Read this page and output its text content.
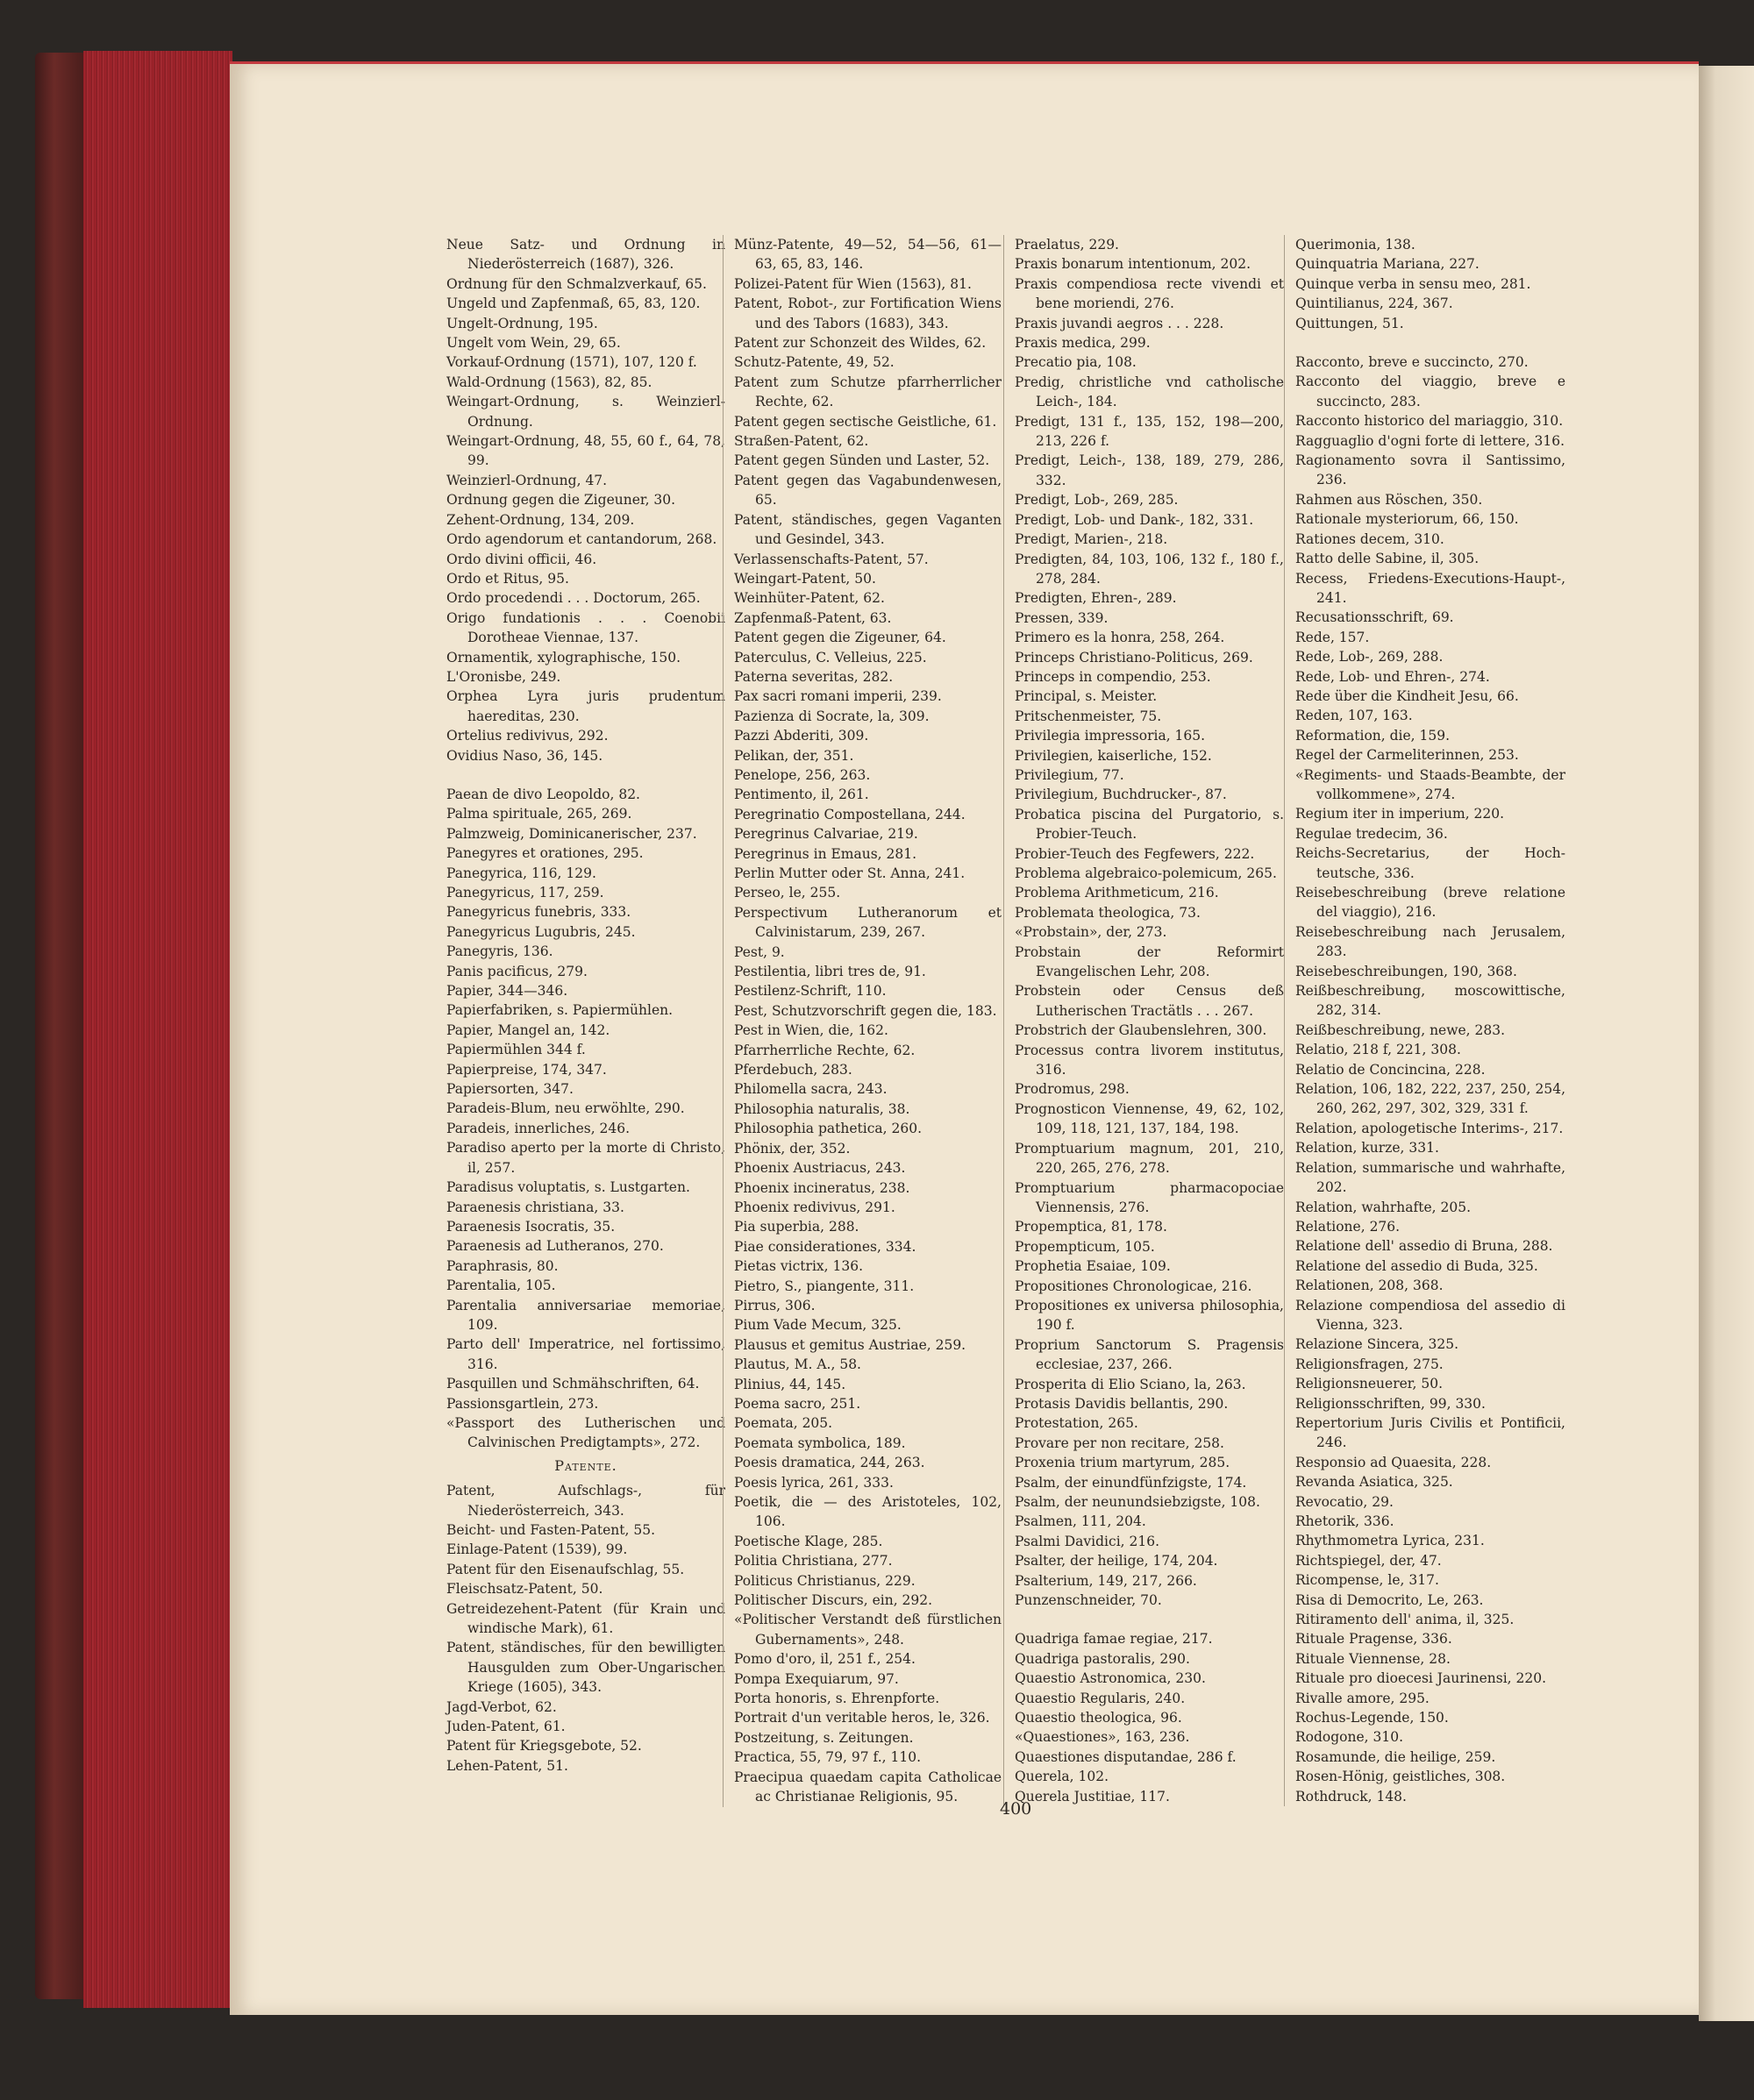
Neue Satz- und Ordnung in Niederösterreich (1687), 326.

Ordnung für den Schmalzverkauf, 65.

Ungeld und Zapfenmaß, 65, 83, 120.

Ungelt-Ordnung, 195.

Ungelt vom Wein, 29, 65.

Vorkauf-Ordnung (1571), 107, 120 f.

Wald-Ordnung (1563), 82, 85.

Weingart-Ordnung, s. Weinzierl-Ordnung.

Weingart-Ordnung, 48, 55, 60 f., 64, 78, 99.

Weinzierl-Ordnung, 47.

Ordnung gegen die Zigeuner, 30.

Zehent-Ordnung, 134, 209.

Ordo agendorum et cantandorum, 268.

Ordo divini officii, 46.

Ordo et Ritus, 95.

Ordo procedendi . . . Doctorum, 265.

Origo fundationis . . . Coenobii Dorotheae Viennae, 137.

Ornamentik, xylographische, 150.

L'Oronisbe, 249.

Orphea Lyra juris prudentum haereditas, 230.

Ortelius redivivus, 292.

Ovidius Naso, 36, 145.

Paean de divo Leopoldo, 82.

Palma spirituale, 265, 269.

Palmzweig, Dominicanerischer, 237.

Panegyres et orationes, 295.

Panegyrica, 116, 129.

Panegyricus, 117, 259.

Panegyricus funebris, 333.

Panegyricus Lugubris, 245.

Panegyris, 136.

Panis pacificus, 279.

Papier, 344—346.

Papierfabriken, s. Papiermühlen.

Papier, Mangel an, 142.

Papiermühlen 344 f.

Papierpreise, 174, 347.

Papiersorten, 347.

Paradeis-Blum, neu erwöhlte, 290.

Paradeis, innerliches, 246.

Paradiso aperto per la morte di Christo, il, 257.

Paradisus voluptatis, s. Lustgarten.

Paraenesis christiana, 33.

Paraenesis Isocratis, 35.

Paraenesis ad Lutheranos, 270.

Paraphrasis, 80.

Parentalia, 105.

Parentalia anniversariae memoriae, 109.

Parto dell' Imperatrice, nel fortissimo, 316.

Pasquillen und Schmähschriften, 64.

Passionsgartlein, 273.

«Passport des Lutherischen und Calvinischen Predigtampts», 272.

Patente.

Patent, Aufschlags-, für Niederösterreich, 343.

Beicht- und Fasten-Patent, 55.

Einlage-Patent (1539), 99.

Patent für den Eisenaufschlag, 55.

Fleischsatz-Patent, 50.

Getreidezehent-Patent (für Krain und windische Mark), 61.

Patent, ständisches, für den bewilligten Hausgulden zum Ober-Ungarischen Kriege (1605), 343.

Jagd-Verbot, 62.

Juden-Patent, 61.

Patent für Kriegsgebote, 52.

Lehen-Patent, 51.

Münz-Patente, 49—52, 54—56, 61—63, 65, 83, 146.

Polizei-Patent für Wien (1563), 81.

Patent, Robot-, zur Fortification Wiens und des Tabors (1683), 343.

Patent zur Schonzeit des Wildes, 62.

Schutz-Patente, 49, 52.

Patent zum Schutze pfarrherrlicher Rechte, 62.

Patent gegen sectische Geistliche, 61.

Straßen-Patent, 62.

Patent gegen Sünden und Laster, 52.

Patent gegen das Vagabundenwesen, 65.

Patent, ständisches, gegen Vaganten und Gesindel, 343.

Verlassenschafts-Patent, 57.

Weingart-Patent, 50.

Weinhüter-Patent, 62.

Zapfenmaß-Patent, 63.

Patent gegen die Zigeuner, 64.

Paterculus, C. Velleius, 225.

Paterna severitas, 282.

Pax sacri romani imperii, 239.

Pazienza di Socrate, la, 309.

Pazzi Abderiti, 309.

Pelikan, der, 351.

Penelope, 256, 263.

Pentimento, il, 261.

Peregrinatio Compostellana, 244.

Peregrinus Calvariae, 219.

Peregrinus in Emaus, 281.

Perlin Mutter oder St. Anna, 241.

Perseo, le, 255.

Perspectivum Lutheranorum et Calvinistarum, 239, 267.

Pest, 9.

Pestilentia, libri tres de, 91.

Pestilenz-Schrift, 110.

Pest, Schutzvorschrift gegen die, 183.

Pest in Wien, die, 162.

Pfarrherrliche Rechte, 62.

Pferdebuch, 283.

Philomella sacra, 243.

Philosophia naturalis, 38.

Philosophia pathetica, 260.

Phönix, der, 352.

Phoenix Austriacus, 243.

Phoenix incineratus, 238.

Phoenix redivivus, 291.

Pia superbia, 288.

Piae considerationes, 334.

Pietas victrix, 136.

Pietro, S., piangente, 311.

Pirrus, 306.

Pium Vade Mecum, 325.

Plausus et gemitus Austriae, 259.

Plautus, M. A., 58.

Plinius, 44, 145.

Poema sacro, 251.

Poemata, 205.

Poemata symbolica, 189.

Poesis dramatica, 244, 263.

Poesis lyrica, 261, 333.

Poetik, die — des Aristoteles, 102, 106.

Poetische Klage, 285.

Politia Christiana, 277.

Politicus Christianus, 229.

Politischer Discurs, ein, 292.

«Politischer Verstandt deß fürstlichen Gubernaments», 248.

Pomo d'oro, il, 251 f., 254.

Pompa Exequiarum, 97.

Porta honoris, s. Ehrenpforte.

Portrait d'un veritable heros, le, 326.

Postzeitung, s. Zeitungen.

Practica, 55, 79, 97 f., 110.

Praecipua quaedam capita Catholicae ac Christianae Religionis, 95.

Praelatus, 229.

Praxis bonarum intentionum, 202.

Praxis compendiosa recte vivendi et bene moriendi, 276.

Praxis juvandi aegros . . . 228.

Praxis medica, 299.

Precatio pia, 108.

Predig, christliche vnd catholische Leich-, 184.

Predigt, 131 f., 135, 152, 198—200, 213, 226 f.

Predigt, Leich-, 138, 189, 279, 286, 332.

Predigt, Lob-, 269, 285.

Predigt, Lob- und Dank-, 182, 331.

Predigt, Marien-, 218.

Predigten, 84, 103, 106, 132 f., 180 f., 278, 284.

Predigten, Ehren-, 289.

Pressen, 339.

Primero es la honra, 258, 264.

Princeps Christiano-Politicus, 269.

Princeps in compendio, 253.

Principal, s. Meister.

Pritschenmeister, 75.

Privilegia impressoria, 165.

Privilegien, kaiserliche, 152.

Privilegium, 77.

Privilegium, Buchdrucker-, 87.

Probatica piscina del Purgatorio, s. Probier-Teuch.

Probier-Teuch des Fegfewers, 222.

Problema algebraico-polemicum, 265.

Problema Arithmeticum, 216.

Problemata theologica, 73.

«Probstain», der, 273.

Probstain der Reformirt Evangelischen Lehr, 208.

Probstein oder Census deß Lutherischen Tractätls . . . 267.

Probstrich der Glaubenslehren, 300.

Processus contra livorem institutus, 316.

Prodromus, 298.

Prognosticon Viennense, 49, 62, 102, 109, 118, 121, 137, 184, 198.

Promptuarium magnum, 201, 210, 220, 265, 276, 278.

Promptuarium pharmacopociae Viennensis, 276.

Propemptica, 81, 178.

Propempticum, 105.

Prophetia Esaiae, 109.

Propositiones Chronologicae, 216.

Propositiones ex universa philosophia, 190 f.

Proprium Sanctorum S. Pragensis ecclesiae, 237, 266.

Prosperita di Elio Sciano, la, 263.

Protasis Davidis bellantis, 290.

Protestation, 265.

Provare per non recitare, 258.

Proxenia trium martyrum, 285.

Psalm, der einundfünfzigste, 174.

Psalm, der neunundsiebzigste, 108.

Psalmen, 111, 204.

Psalmi Davidici, 216.

Psalter, der heilige, 174, 204.

Psalterium, 149, 217, 266.

Punzenschneider, 70.

Quadriga famae regiae, 217.

Quadriga pastoralis, 290.

Quaestio Astronomica, 230.

Quaestio Regularis, 240.

Quaestio theologica, 96.

«Quaestiones», 163, 236.

Quaestiones disputandae, 286 f.

Querela, 102.

Querela Justitiae, 117.

Querimonia, 138.

Quinquatria Mariana, 227.

Quinque verba in sensu meo, 281.

Quintilianus, 224, 367.

Quittungen, 51.

Racconto, breve e succincto, 270.

Racconto del viaggio, breve e succincto, 283.

Racconto historico del mariaggio, 310.

Ragguaglio d'ogni forte di lettere, 316.

Ragionamento sovra il Santissimo, 236.

Rahmen aus Röschen, 350.

Rationale mysteriorum, 66, 150.

Rationes decem, 310.

Ratto delle Sabine, il, 305.

Recess, Friedens-Executions-Haupt-, 241.

Recusationsschrift, 69.

Rede, 157.

Rede, Lob-, 269, 288.

Rede, Lob- und Ehren-, 274.

Rede über die Kindheit Jesu, 66.

Reden, 107, 163.

Reformation, die, 159.

Regel der Carmeliterinnen, 253.

«Regiments- und Staads-Beambte, der vollkommene», 274.

Regium iter in imperium, 220.

Regulae tredecim, 36.

Reichs-Secretarius, der Hoch-teutsche, 336.

Reisebeschreibung (breve relatione del viaggio), 216.

Reisebeschreibung nach Jerusalem, 283.

Reisebeschreibungen, 190, 368.

Reißbeschreibung, moscowittische, 282, 314.

Reißbeschreibung, newe, 283.

Relatio, 218 f, 221, 308.

Relatio de Concincina, 228.

Relation, 106, 182, 222, 237, 250, 254, 260, 262, 297, 302, 329, 331 f.

Relation, apologetische Interims-, 217.

Relation, kurze, 331.

Relation, summarische und wahrhafte, 202.

Relation, wahrhafte, 205.

Relatione, 276.

Relatione dell' assedio di Bruna, 288.

Relatione del assedio di Buda, 325.

Relationen, 208, 368.

Relazione compendiosa del assedio di Vienna, 323.

Relazione Sincera, 325.

Religionsfragen, 275.

Religionsneuerer, 50.

Religionsschriften, 99, 330.

Repertorium Juris Civilis et Pontificii, 246.

Responsio ad Quaesita, 228.

Revanda Asiatica, 325.

Revocatio, 29.

Rhetorik, 336.

Rhythmometra Lyrica, 231.

Richtspiegel, der, 47.

Ricompense, le, 317.

Risa di Democrito, Le, 263.

Ritiramento dell' anima, il, 325.

Rituale Pragense, 336.

Rituale Viennense, 28.

Rituale pro dioecesi Jaurinensi, 220.

Rivalle amore, 295.

Rochus-Legende, 150.

Rodogone, 310.

Rosamunde, die heilige, 259.

Rosen-Hönig, geistliches, 308.

Rothdruck, 148.

400
